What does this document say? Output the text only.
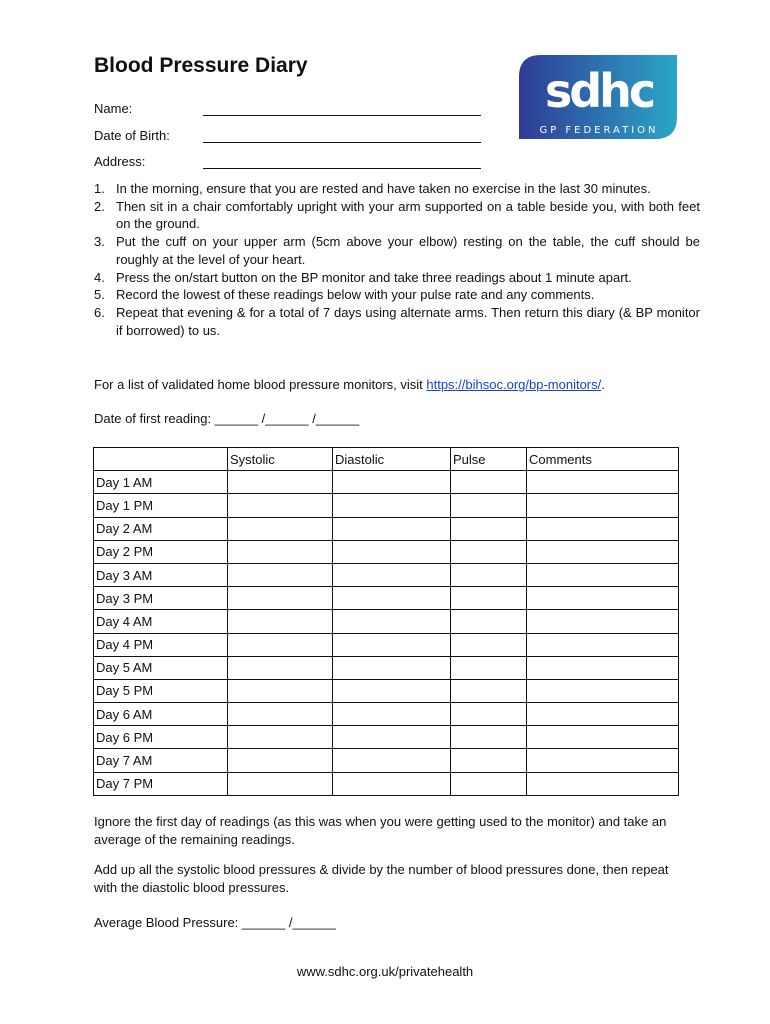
Blood Pressure Diary	sdhc
GP FEDERATION
Name:
Date of Birth:
Address:
In the morning, ensure that you are rested and have taken no exercise in the last 30 minutes.
Then sit in a chair comfortably upright with your arm supported on a table beside you, with both feet on the ground.
Put the cuff on your upper arm (5cm above your elbow) resting on the table, the cuff should be roughly at the level of your heart.
Press the on/start button on the BP monitor and take three readings about 1 minute apart.
Record the lowest of these readings below with your pulse rate and any comments.
Repeat that evening & for a total of 7 days using alternate arms. Then return this diary (& BP monitor if borrowed) to us.
For a list of validated home blood pressure monitors, visit https://bihsoc.org/bp-monitors/.
Date of first reading: ______ /______ /______
	Systolic	Diastolic	Pulse	Comments
Day 1 AM				
Day 1 PM				
Day 2 AM				
Day 2 PM				
Day 3 AM				
Day 3 PM				
Day 4 AM				
Day 4 PM				
Day 5 AM				
Day 5 PM				
Day 6 AM				
Day 6 PM				
Day 7 AM				
Day 7 PM				
Ignore the first day of readings (as this was when you were getting used to the monitor) and take an average of the remaining readings.
Add up all the systolic blood pressures & divide by the number of blood pressures done, then repeat with the diastolic blood pressures.
Average Blood Pressure: ______ /______
www.sdhc.org.uk/privatehealth
